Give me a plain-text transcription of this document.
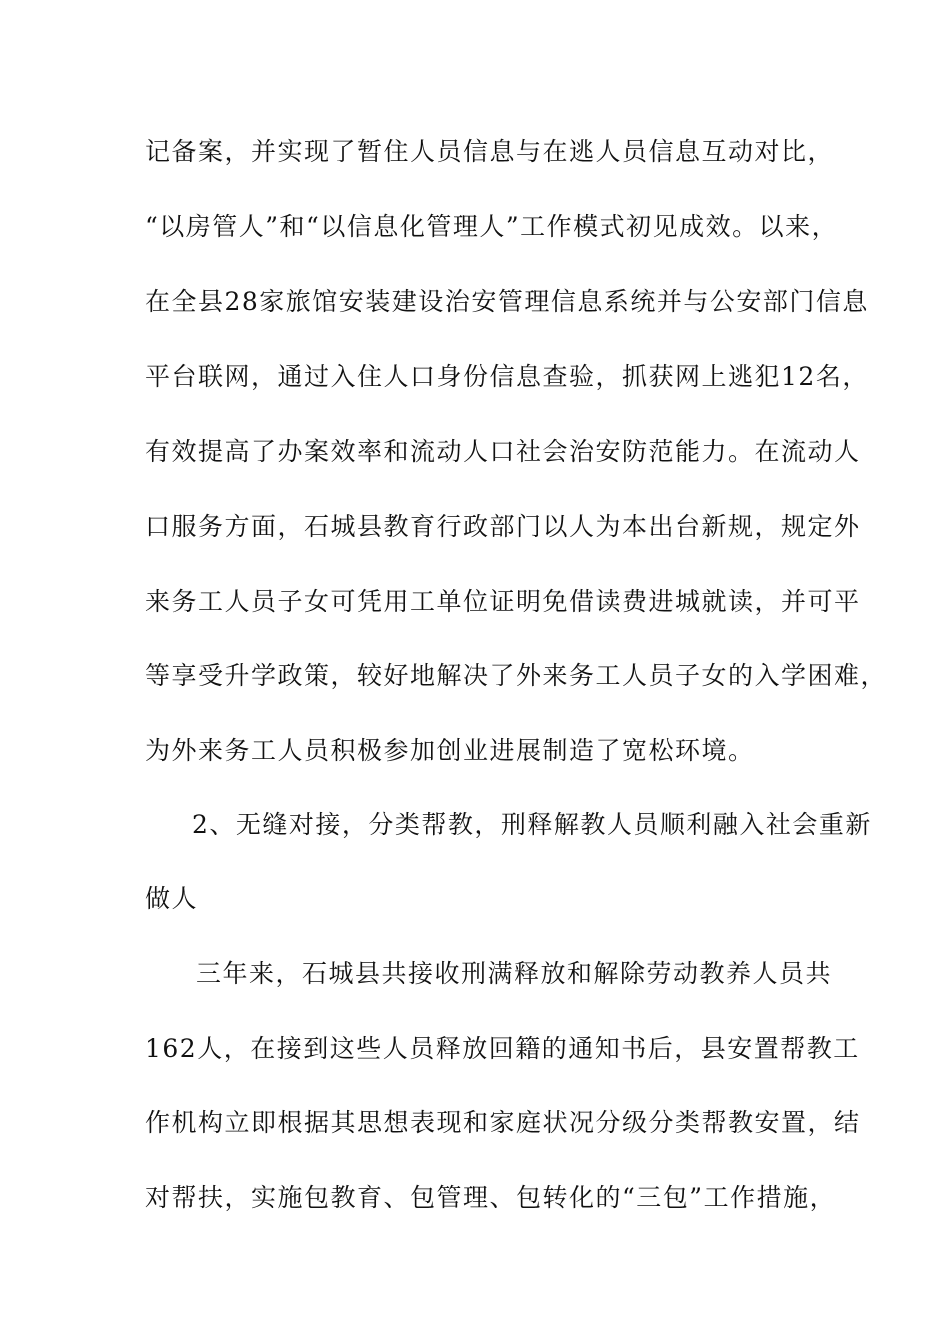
记备案，并实现了暂住人员信息与在逃人员信息互动对比，
“以房管人”和“以信息化管理人”工作模式初见成效。以来，
在全县28家旅馆安装建设治安管理信息系统并与公安部门信息
平台联网，通过入住人口身份信息查验，抓获网上逃犯12名，
有效提高了办案效率和流动人口社会治安防范能力。在流动人
口服务方面，石城县教育行政部门以人为本出台新规，规定外
来务工人员子女可凭用工单位证明免借读费进城就读，并可平
等享受升学政策，较好地解决了外来务工人员子女的入学困难，
为外来务工人员积极参加创业进展制造了宽松环境。
2、无缝对接，分类帮教，刑释解教人员顺利融入社会重新
做人
三年来，石城县共接收刑满释放和解除劳动教养人员共
162人，在接到这些人员释放回籍的通知书后，县安置帮教工
作机构立即根据其思想表现和家庭状况分级分类帮教安置，结
对帮扶，实施包教育、包管理、包转化的“三包”工作措施，
